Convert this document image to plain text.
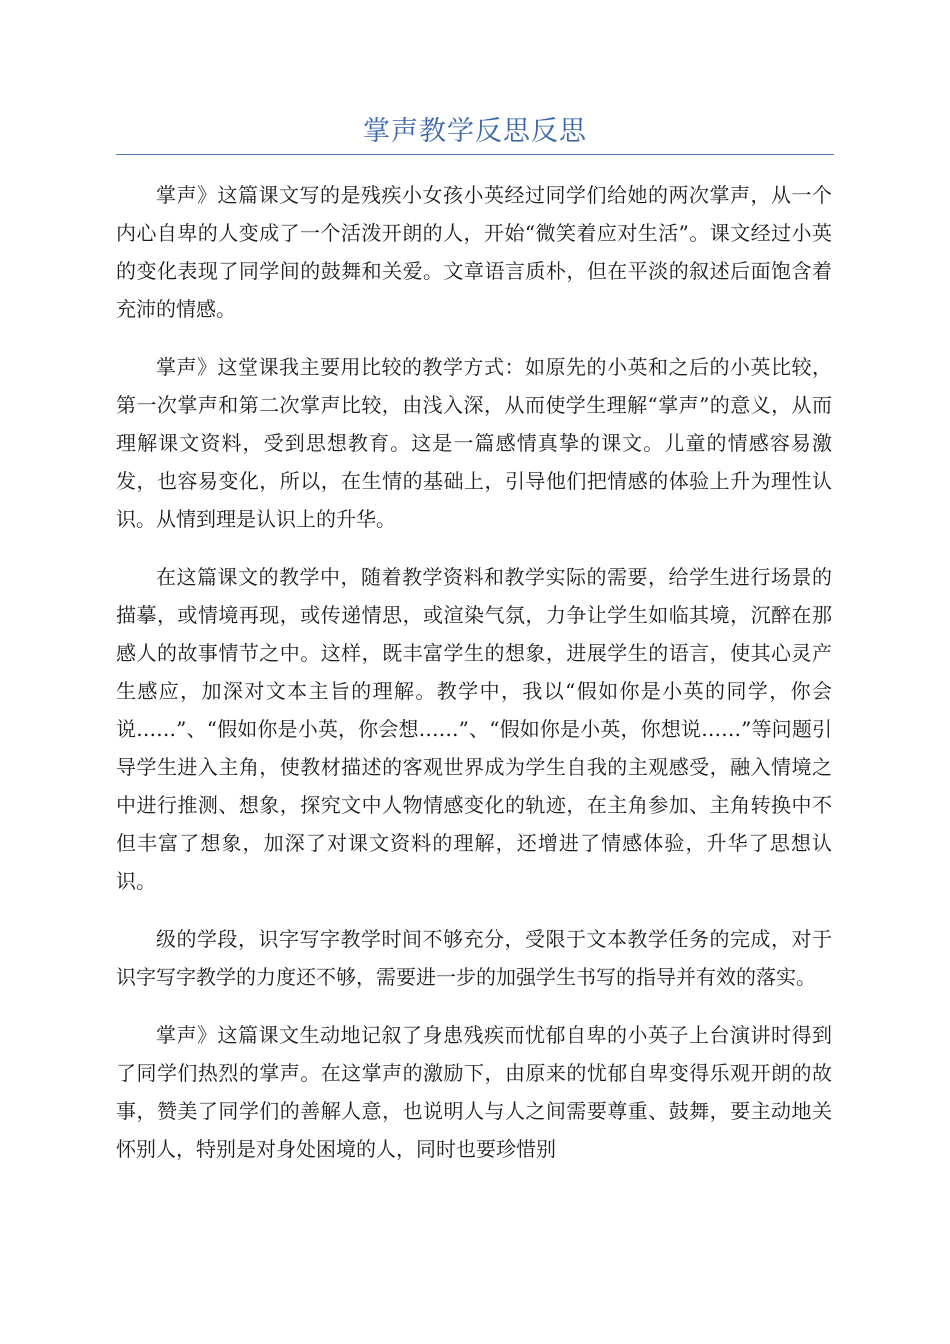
掌声教学反思反思

掌声》这篇课文写的是残疾小女孩小英经过同学们给她的两次掌声，从一个内心自卑的人变成了一个活泼开朗的人，开始“微笑着应对生活”。课文经过小英的变化表现了同学间的鼓舞和关爱。文章语言质朴，但在平淡的叙述后面饱含着充沛的情感。

掌声》这堂课我主要用比较的教学方式：如原先的小英和之后的小英比较，第一次掌声和第二次掌声比较，由浅入深，从而使学生理解“掌声”的意义，从而理解课文资料，受到思想教育。这是一篇感情真挚的课文。儿童的情感容易激发，也容易变化，所以，在生情的基础上，引导他们把情感的体验上升为理性认识。从情到理是认识上的升华。

在这篇课文的教学中，随着教学资料和教学实际的需要，给学生进行场景的描摹，或情境再现，或传递情思，或渲染气氛，力争让学生如临其境，沉醉在那感人的故事情节之中。这样，既丰富学生的想象，进展学生的语言，使其心灵产生感应，加深对文本主旨的理解。教学中，我以“假如你是小英的同学，你会说……”、“假如你是小英，你会想……”、“假如你是小英，你想说……”等问题引导学生进入主角，使教材描述的客观世界成为学生自我的主观感受，融入情境之中进行推测、想象，探究文中人物情感变化的轨迹，在主角参加、主角转换中不但丰富了想象，加深了对课文资料的理解，还增进了情感体验，升华了思想认识。

级的学段，识字写字教学时间不够充分，受限于文本教学任务的完成，对于识字写字教学的力度还不够，需要进一步的加强学生书写的指导并有效的落实。

掌声》这篇课文生动地记叙了身患残疾而忧郁自卑的小英子上台演讲时得到了同学们热烈的掌声。在这掌声的激励下，由原来的忧郁自卑变得乐观开朗的故事，赞美了同学们的善解人意，也说明人与人之间需要尊重、鼓舞，要主动地关怀别人，特别是对身处困境的人，同时也要珍惜别
